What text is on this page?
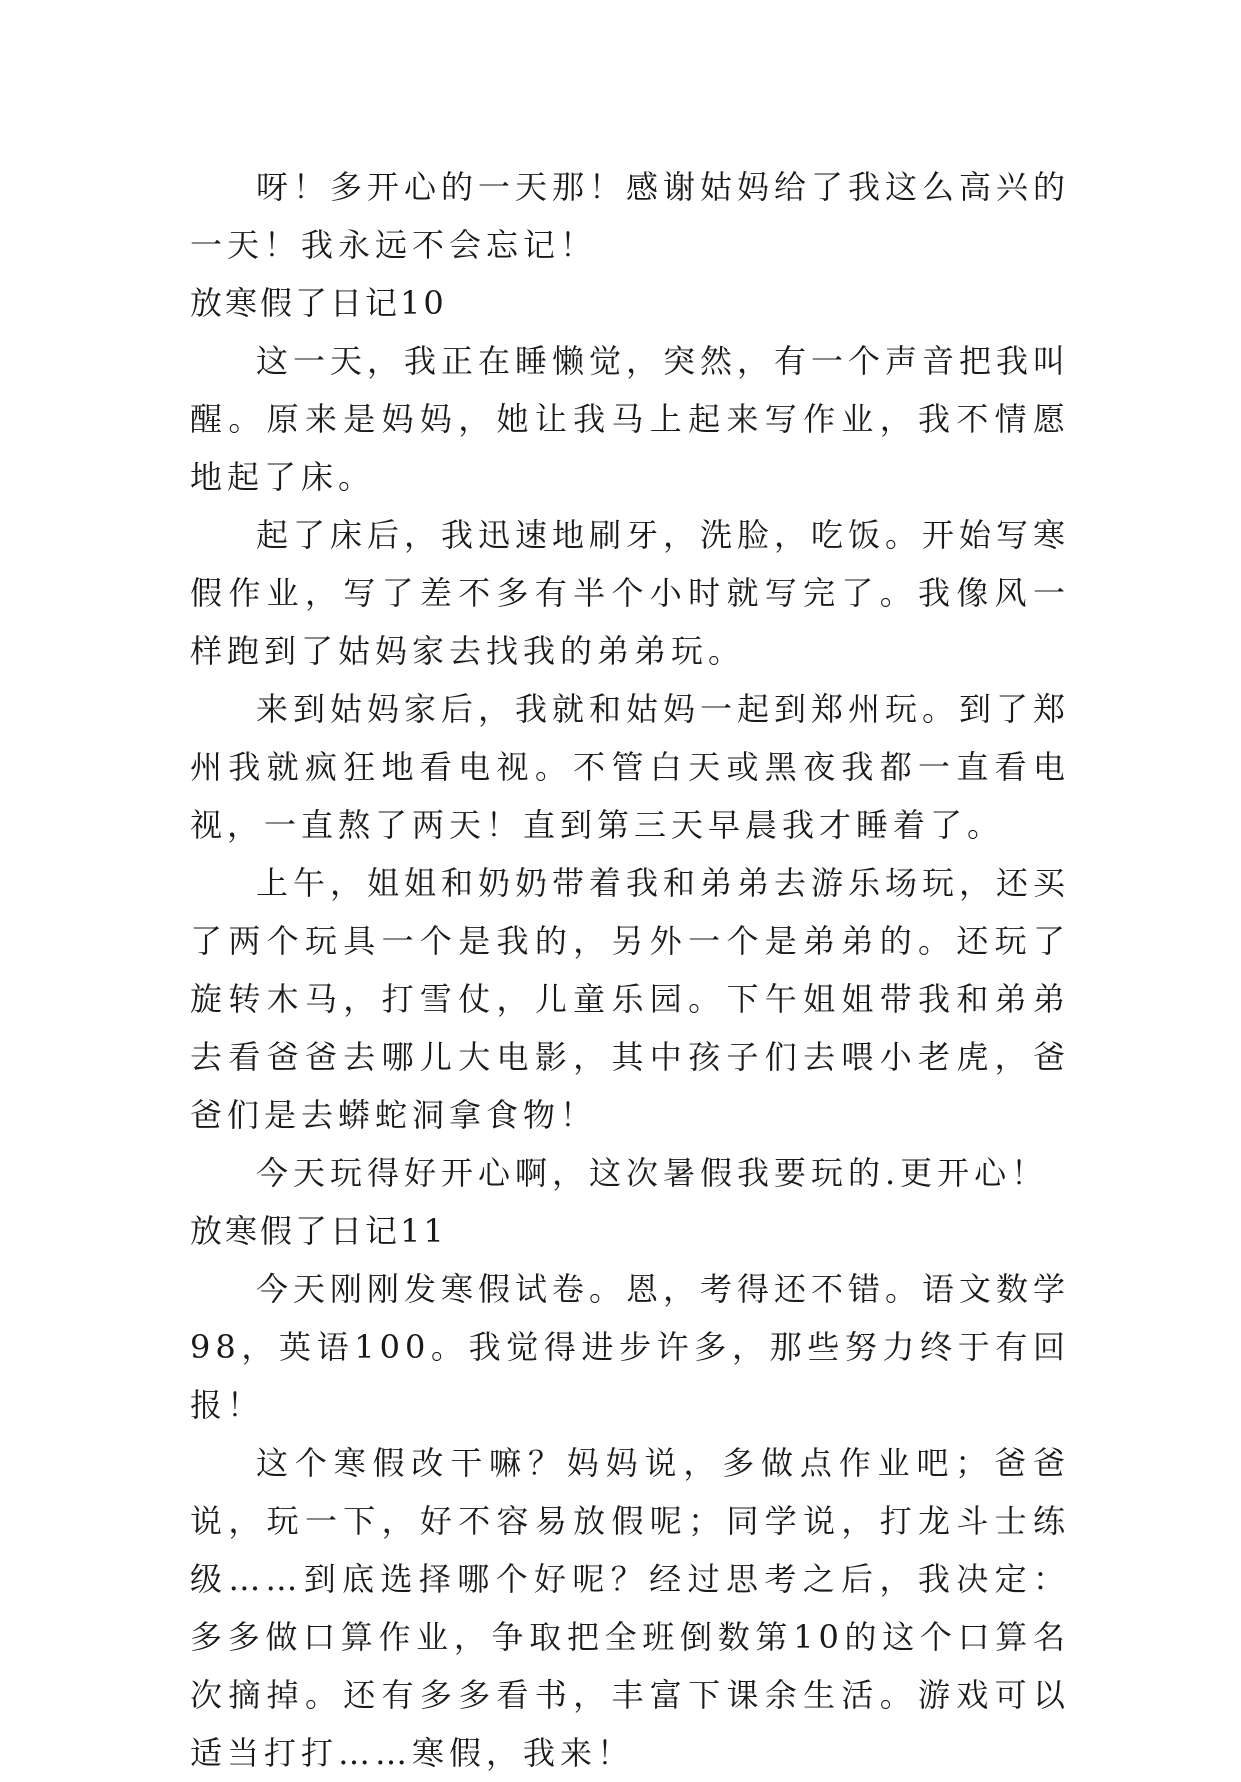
呀！多开心的一天那！感谢姑妈给了我这么高兴的一天！我永远不会忘记！

放寒假了日记10

这一天，我正在睡懒觉，突然，有一个声音把我叫醒。原来是妈妈，她让我马上起来写作业，我不情愿地起了床。

起了床后，我迅速地刷牙，洗脸，吃饭。开始写寒假作业，写了差不多有半个小时就写完了。我像风一样跑到了姑妈家去找我的弟弟玩。

来到姑妈家后，我就和姑妈一起到郑州玩。到了郑州我就疯狂地看电视。不管白天或黑夜我都一直看电视，一直熬了两天！直到第三天早晨我才睡着了。

上午，姐姐和奶奶带着我和弟弟去游乐场玩，还买了两个玩具一个是我的，另外一个是弟弟的。还玩了旋转木马，打雪仗，儿童乐园。下午姐姐带我和弟弟去看爸爸去哪儿大电影，其中孩子们去喂小老虎，爸爸们是去蟒蛇洞拿食物！

今天玩得好开心啊，这次暑假我要玩的.更开心！

放寒假了日记11

今天刚刚发寒假试卷。恩，考得还不错。语文数学98，英语100。我觉得进步许多，那些努力终于有回报！

这个寒假改干嘛？妈妈说，多做点作业吧；爸爸说，玩一下，好不容易放假呢；同学说，打龙斗士练级……到底选择哪个好呢？经过思考之后，我决定：多多做口算作业，争取把全班倒数第10的这个口算名次摘掉。还有多多看书，丰富下课余生活。游戏可以适当打打……寒假，我来！
